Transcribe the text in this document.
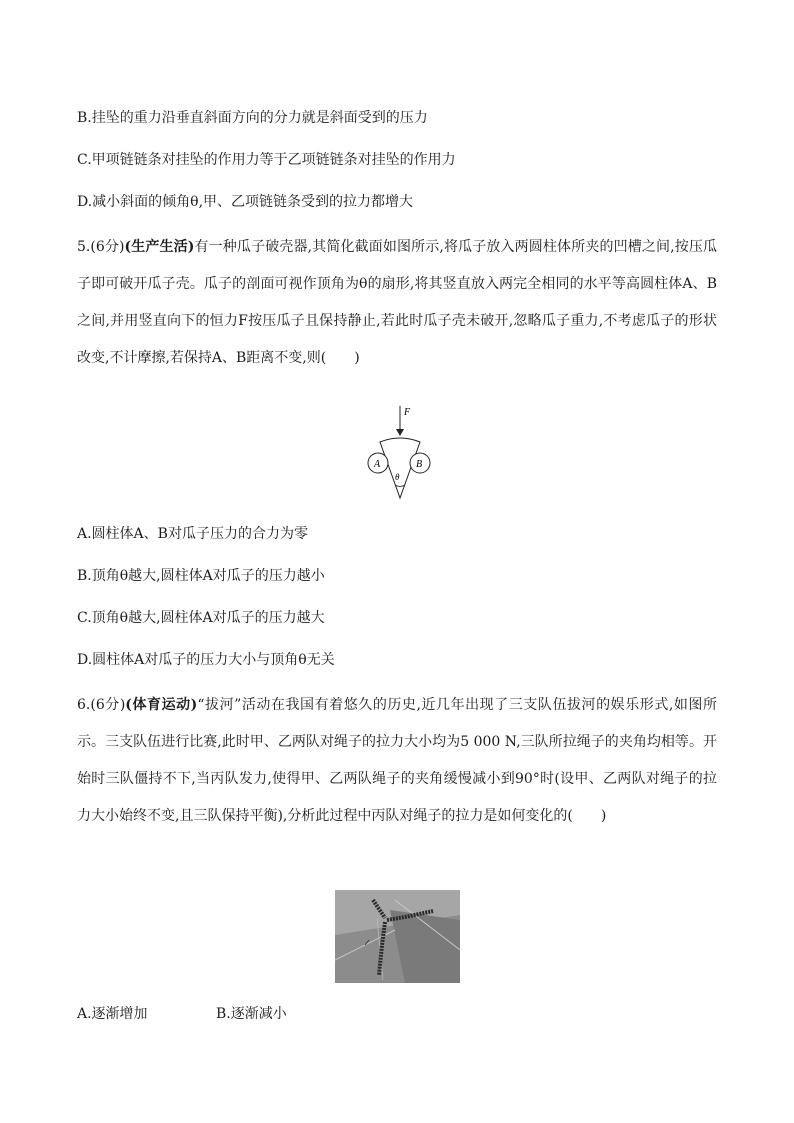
B.挂坠的重力沿垂直斜面方向的分力就是斜面受到的压力
C.甲项链链条对挂坠的作用力等于乙项链链条对挂坠的作用力
D.减小斜面的倾角θ,甲、乙项链链条受到的拉力都增大
5.(6分)(生产生活)有一种瓜子破壳器,其简化截面如图所示,将瓜子放入两圆柱体所夹的凹槽之间,按压瓜子即可破开瓜子壳。瓜子的剖面可视作顶角为θ的扇形,将其竖直放入两完全相同的水平等高圆柱体A、B之间,并用竖直向下的恒力F按压瓜子且保持静止,若此时瓜子壳未破开,忽略瓜子重力,不考虑瓜子的形状改变,不计摩擦,若保持A、B距离不变,则(　　)
F
A	B
θ
A.圆柱体A、B对瓜子压力的合力为零
B.顶角θ越大,圆柱体A对瓜子的压力越小
C.顶角θ越大,圆柱体A对瓜子的压力越大
D.圆柱体A对瓜子的压力大小与顶角θ无关
6.(6分)(体育运动)“拔河”活动在我国有着悠久的历史,近几年出现了三支队伍拔河的娱乐形式,如图所示。三支队伍进行比赛,此时甲、乙两队对绳子的拉力大小均为5 000 N,三队所拉绳子的夹角均相等。开始时三队僵持不下,当丙队发力,使得甲、乙两队绳子的夹角缓慢减小到90°时(设甲、乙两队对绳子的拉力大小始终不变,且三队保持平衡),分析此过程中丙队对绳子的拉力是如何变化的(　　)
A.逐渐增加	B.逐渐减小
